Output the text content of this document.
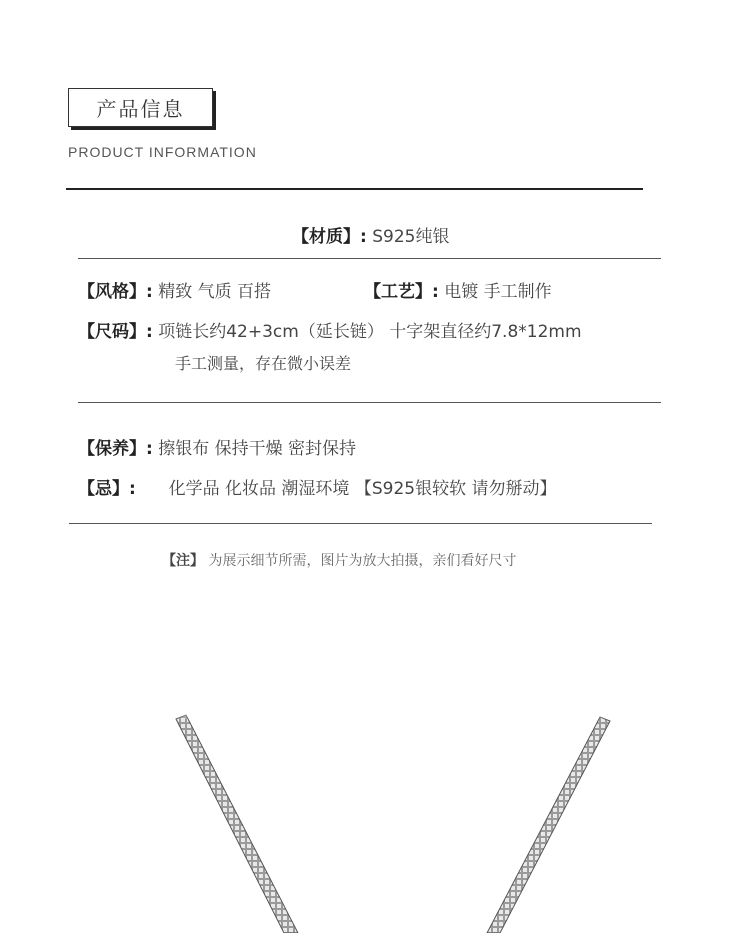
产品信息
PRODUCT INFORMATION
【材质】: S925纯银
【风格】: 精致 气质 百搭	【工艺】: 电镀 手工制作
【尺码】: 项链长约42+3cm（延长链） 十字架直径约7.8*12mm
手工测量，存在微小误差
【保养】: 擦银布 保持干燥 密封保持
【忌】: 化学品 化妆品 潮湿环境 【S925银较软 请勿掰动】
【注】 为展示细节所需，图片为放大拍摄，亲们看好尺寸
